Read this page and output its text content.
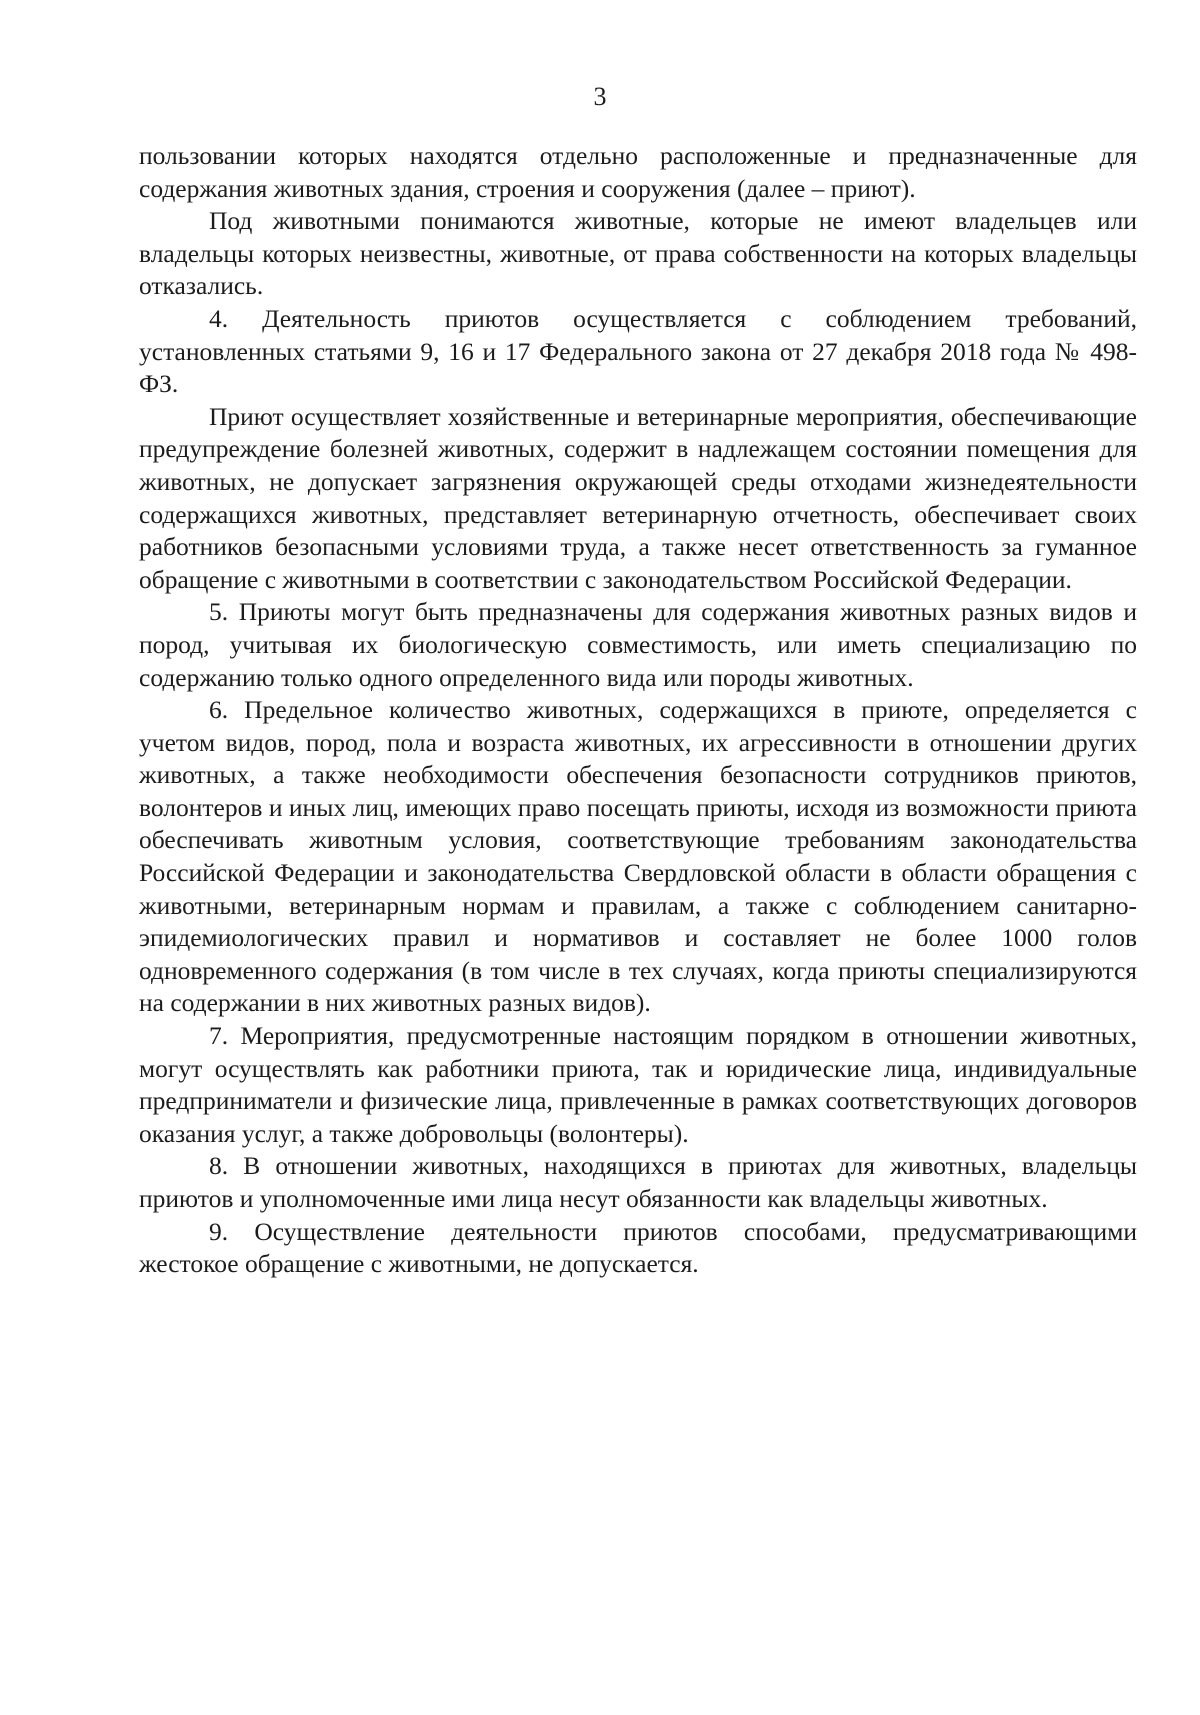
3

пользовании которых находятся отдельно расположенные и предназначенные для содержания животных здания, строения и сооружения (далее – приют).

Под животными понимаются животные, которые не имеют владельцев или владельцы которых неизвестны, животные, от права собственности на которых владельцы отказались.

4. Деятельность приютов осуществляется с соблюдением требований, установленных статьями 9, 16 и 17 Федерального закона от 27 декабря 2018 года № 498-ФЗ.

Приют осуществляет хозяйственные и ветеринарные мероприятия, обеспечивающие предупреждение болезней животных, содержит в надлежащем состоянии помещения для животных, не допускает загрязнения окружающей среды отходами жизнедеятельности содержащихся животных, представляет ветеринарную отчетность, обеспечивает своих работников безопасными условиями труда, а также несет ответственность за гуманное обращение с животными в соответствии с законодательством Российской Федерации.

5. Приюты могут быть предназначены для содержания животных разных видов и пород, учитывая их биологическую совместимость, или иметь специализацию по содержанию только одного определенного вида или породы животных.

6. Предельное количество животных, содержащихся в приюте, определяется с учетом видов, пород, пола и возраста животных, их агрессивности в отношении других животных, а также необходимости обеспечения безопасности сотрудников приютов, волонтеров и иных лиц, имеющих право посещать приюты, исходя из возможности приюта обеспечивать животным условия, соответствующие требованиям законодательства Российской Федерации и законодательства Свердловской области в области обращения с животными, ветеринарным нормам и правилам, а также с соблюдением санитарно-эпидемиологических правил и нормативов и составляет не более 1000 голов одновременного содержания (в том числе в тех случаях, когда приюты специализируются на содержании в них животных разных видов).

7. Мероприятия, предусмотренные настоящим порядком в отношении животных, могут осуществлять как работники приюта, так и юридические лица, индивидуальные предприниматели и физические лица, привлеченные в рамках соответствующих договоров оказания услуг, а также добровольцы (волонтеры).

8. В отношении животных, находящихся в приютах для животных, владельцы приютов и уполномоченные ими лица несут обязанности как владельцы животных.

9. Осуществление деятельности приютов способами, предусматривающими жестокое обращение с животными, не допускается.
